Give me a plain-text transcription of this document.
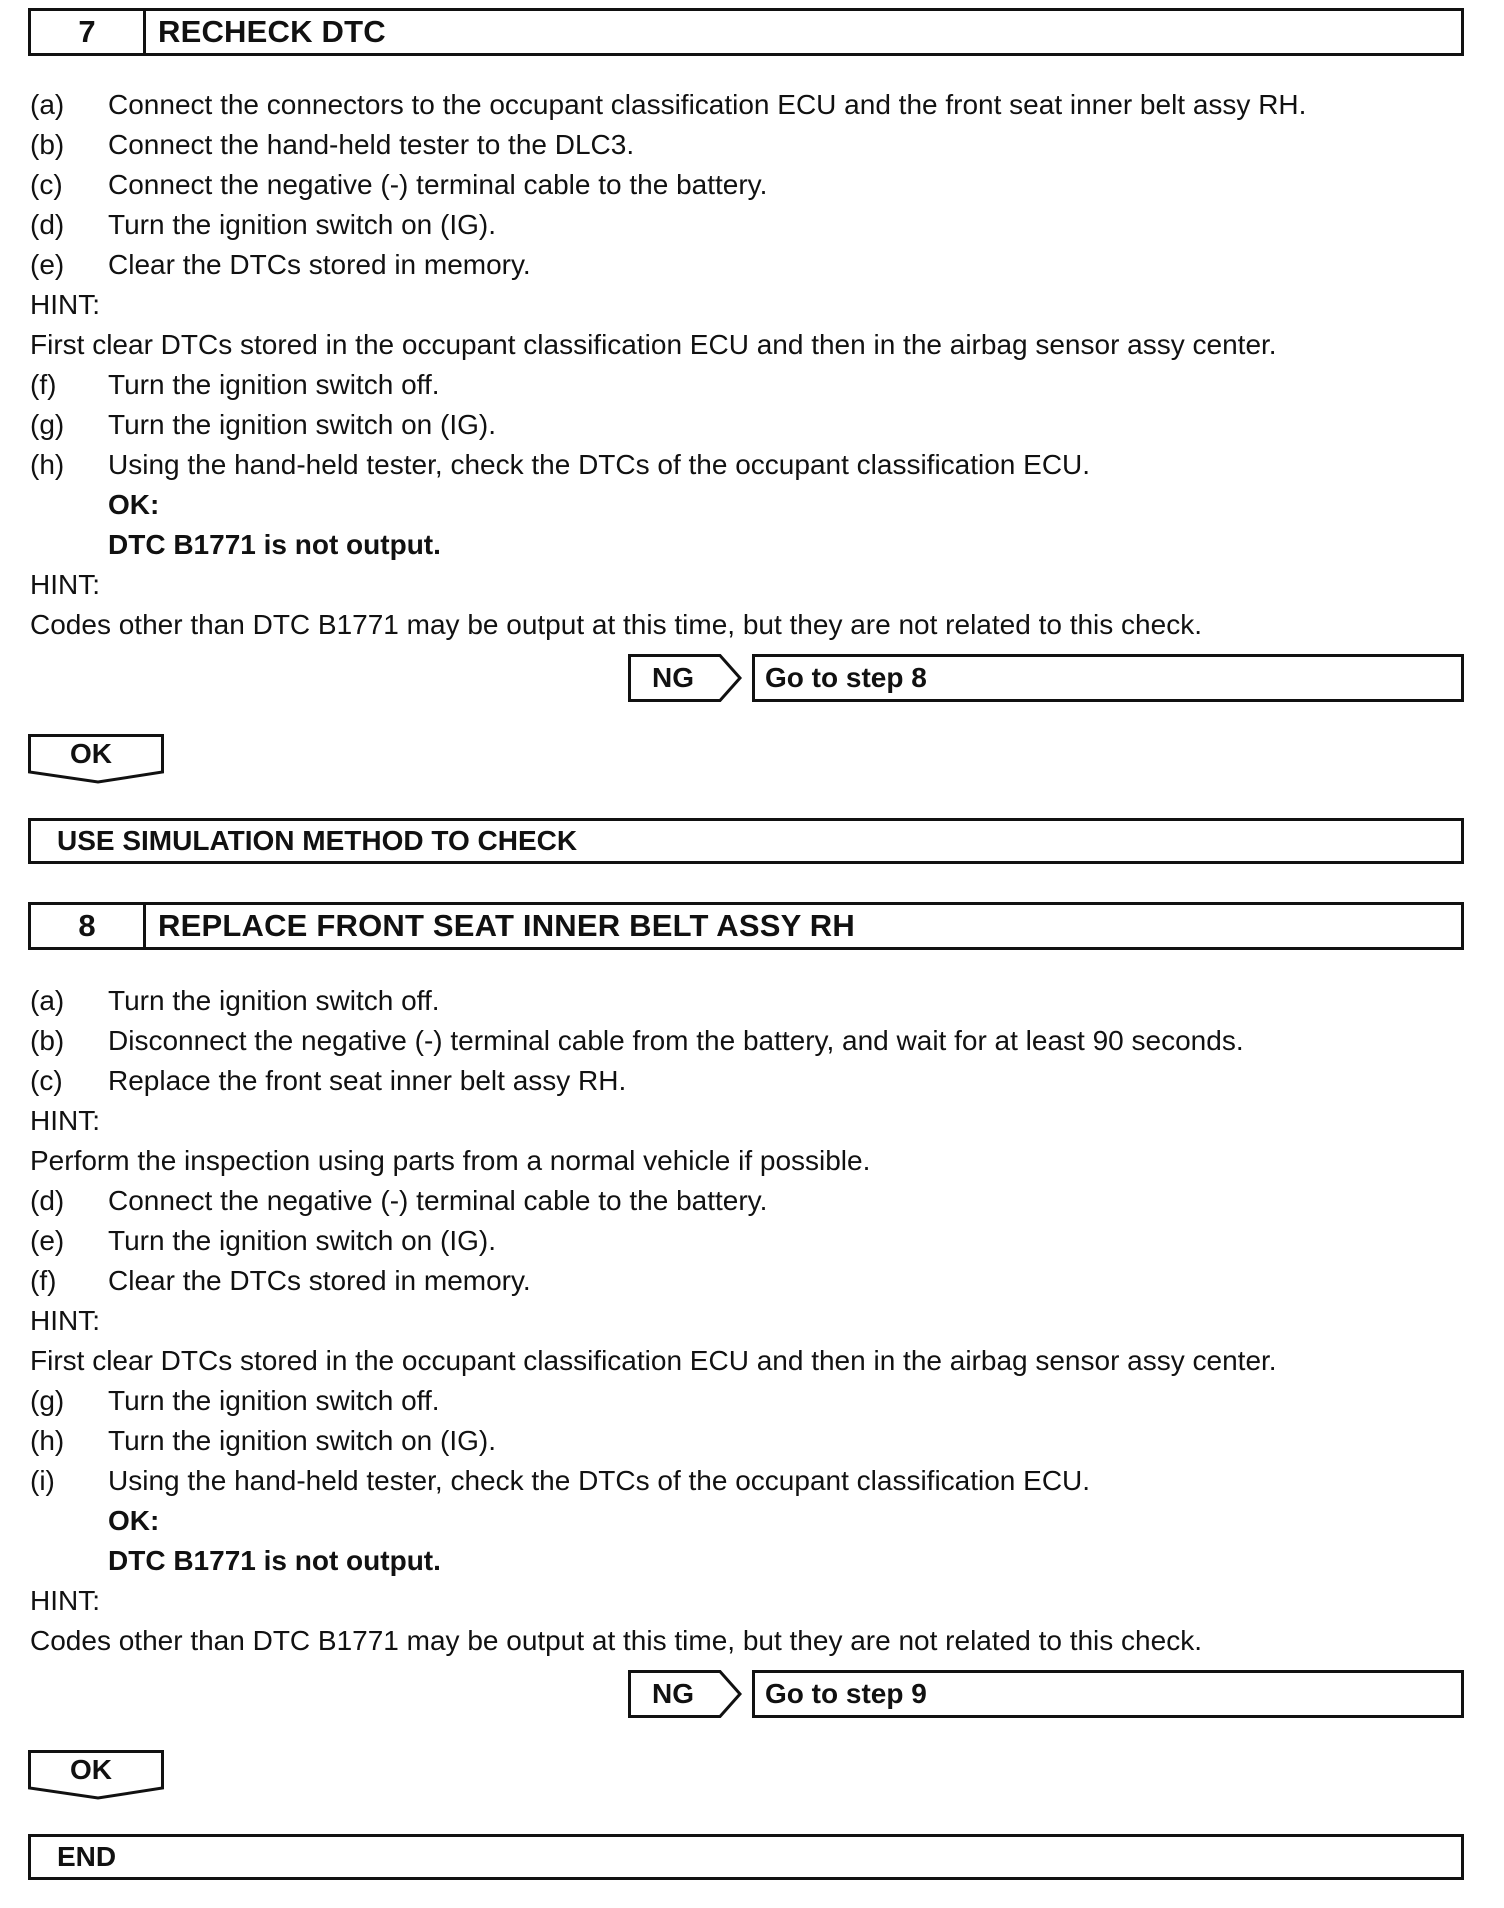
7	RECHECK DTC
(a) Connect the connectors to the occupant classification ECU and the front seat inner belt assy RH.
(b) Connect the hand-held tester to the DLC3.
(c) Connect the negative (-) terminal cable to the battery.
(d) Turn the ignition switch on (IG).
(e) Clear the DTCs stored in memory.
HINT:
First clear DTCs stored in the occupant classification ECU and then in the airbag sensor assy center.
(f) Turn the ignition switch off.
(g) Turn the ignition switch on (IG).
(h) Using the hand-held tester, check the DTCs of the occupant classification ECU.
OK:
DTC B1771 is not output.
HINT:
Codes other than DTC B1771 may be output at this time, but they are not related to this check.
NG	Go to step 8
OK
USE SIMULATION METHOD TO CHECK
8	REPLACE FRONT SEAT INNER BELT ASSY RH
(a) Turn the ignition switch off.
(b) Disconnect the negative (-) terminal cable from the battery, and wait for at least 90 seconds.
(c) Replace the front seat inner belt assy RH.
HINT:
Perform the inspection using parts from a normal vehicle if possible.
(d) Connect the negative (-) terminal cable to the battery.
(e) Turn the ignition switch on (IG).
(f) Clear the DTCs stored in memory.
HINT:
First clear DTCs stored in the occupant classification ECU and then in the airbag sensor assy center.
(g) Turn the ignition switch off.
(h) Turn the ignition switch on (IG).
(i) Using the hand-held tester, check the DTCs of the occupant classification ECU.
OK:
DTC B1771 is not output.
HINT:
Codes other than DTC B1771 may be output at this time, but they are not related to this check.
NG	Go to step 9
OK
END
